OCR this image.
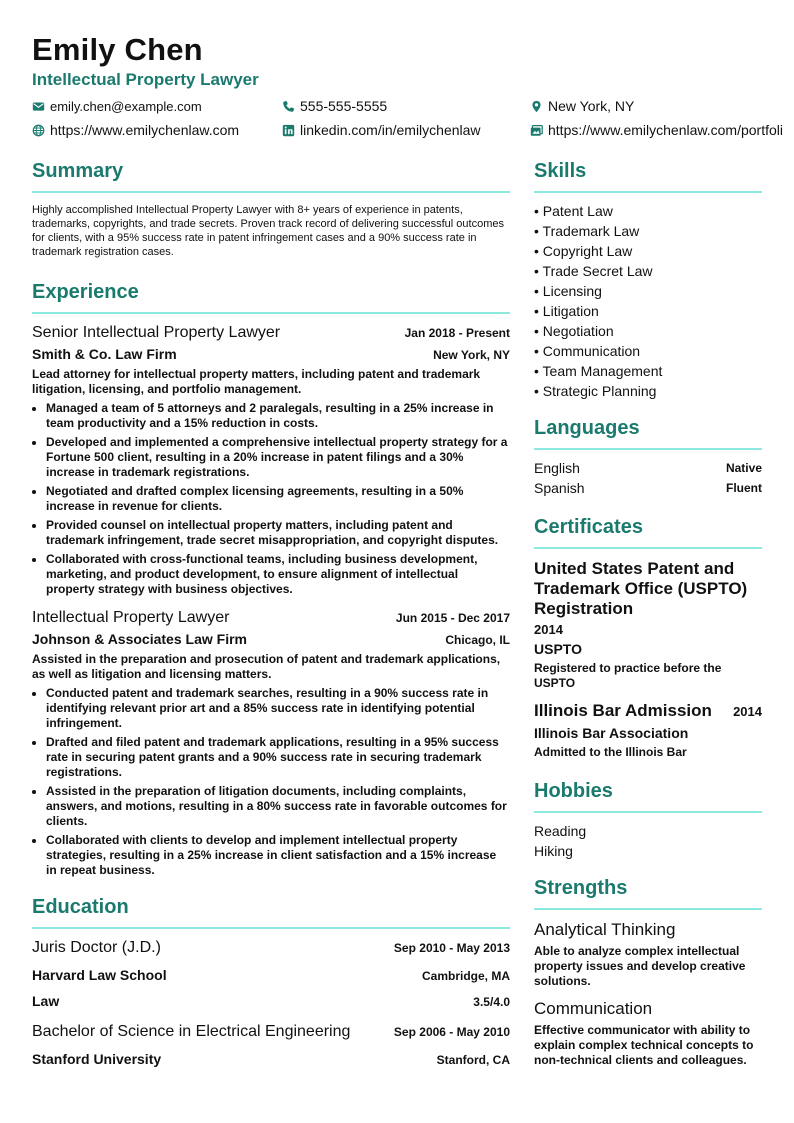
Emily Chen
Intellectual Property Lawyer
emily.chen@example.com	555-555-5555	New York, NY
https://www.emilychenlaw.com	linkedin.com/in/emilychenlaw	https://www.emilychenlaw.com/portfoli
Summary
Highly accomplished Intellectual Property Lawyer with 8+ years of experience in patents, trademarks, copyrights, and trade secrets. Proven track record of delivering successful outcomes for clients, with a 95% success rate in patent infringement cases and a 90% success rate in trademark registration cases.
Experience
Senior Intellectual Property Lawyer	Jan 2018 - Present
Smith & Co. Law Firm	New York, NY
Lead attorney for intellectual property matters, including patent and trademark litigation, licensing, and portfolio management.
• Managed a team of 5 attorneys and 2 paralegals, resulting in a 25% increase in team productivity and a 15% reduction in costs.
• Developed and implemented a comprehensive intellectual property strategy for a Fortune 500 client, resulting in a 20% increase in patent filings and a 30% increase in trademark registrations.
• Negotiated and drafted complex licensing agreements, resulting in a 50% increase in revenue for clients.
• Provided counsel on intellectual property matters, including patent and trademark infringement, trade secret misappropriation, and copyright disputes.
• Collaborated with cross-functional teams, including business development, marketing, and product development, to ensure alignment of intellectual property strategy with business objectives.
Intellectual Property Lawyer	Jun 2015 - Dec 2017
Johnson & Associates Law Firm	Chicago, IL
Assisted in the preparation and prosecution of patent and trademark applications, as well as litigation and licensing matters.
• Conducted patent and trademark searches, resulting in a 90% success rate in identifying relevant prior art and a 85% success rate in identifying potential infringement.
• Drafted and filed patent and trademark applications, resulting in a 95% success rate in securing patent grants and a 90% success rate in securing trademark registrations.
• Assisted in the preparation of litigation documents, including complaints, answers, and motions, resulting in a 80% success rate in favorable outcomes for clients.
• Collaborated with clients to develop and implement intellectual property strategies, resulting in a 25% increase in client satisfaction and a 15% increase in repeat business.
Education
Juris Doctor (J.D.)	Sep 2010 - May 2013
Harvard Law School	Cambridge, MA
Law	3.5/4.0
Bachelor of Science in Electrical Engineering	Sep 2006 - May 2010
Stanford University	Stanford, CA
Skills
• Patent Law
• Trademark Law
• Copyright Law
• Trade Secret Law
• Licensing
• Litigation
• Negotiation
• Communication
• Team Management
• Strategic Planning
Languages
English	Native
Spanish	Fluent
Certificates
United States Patent and Trademark Office (USPTO) Registration
2014
USPTO
Registered to practice before the USPTO
Illinois Bar Admission 2014
Illinois Bar Association
Admitted to the Illinois Bar
Hobbies
Reading
Hiking
Strengths
Analytical Thinking
Able to analyze complex intellectual property issues and develop creative solutions.
Communication
Effective communicator with ability to explain complex technical concepts to non-technical clients and colleagues.
